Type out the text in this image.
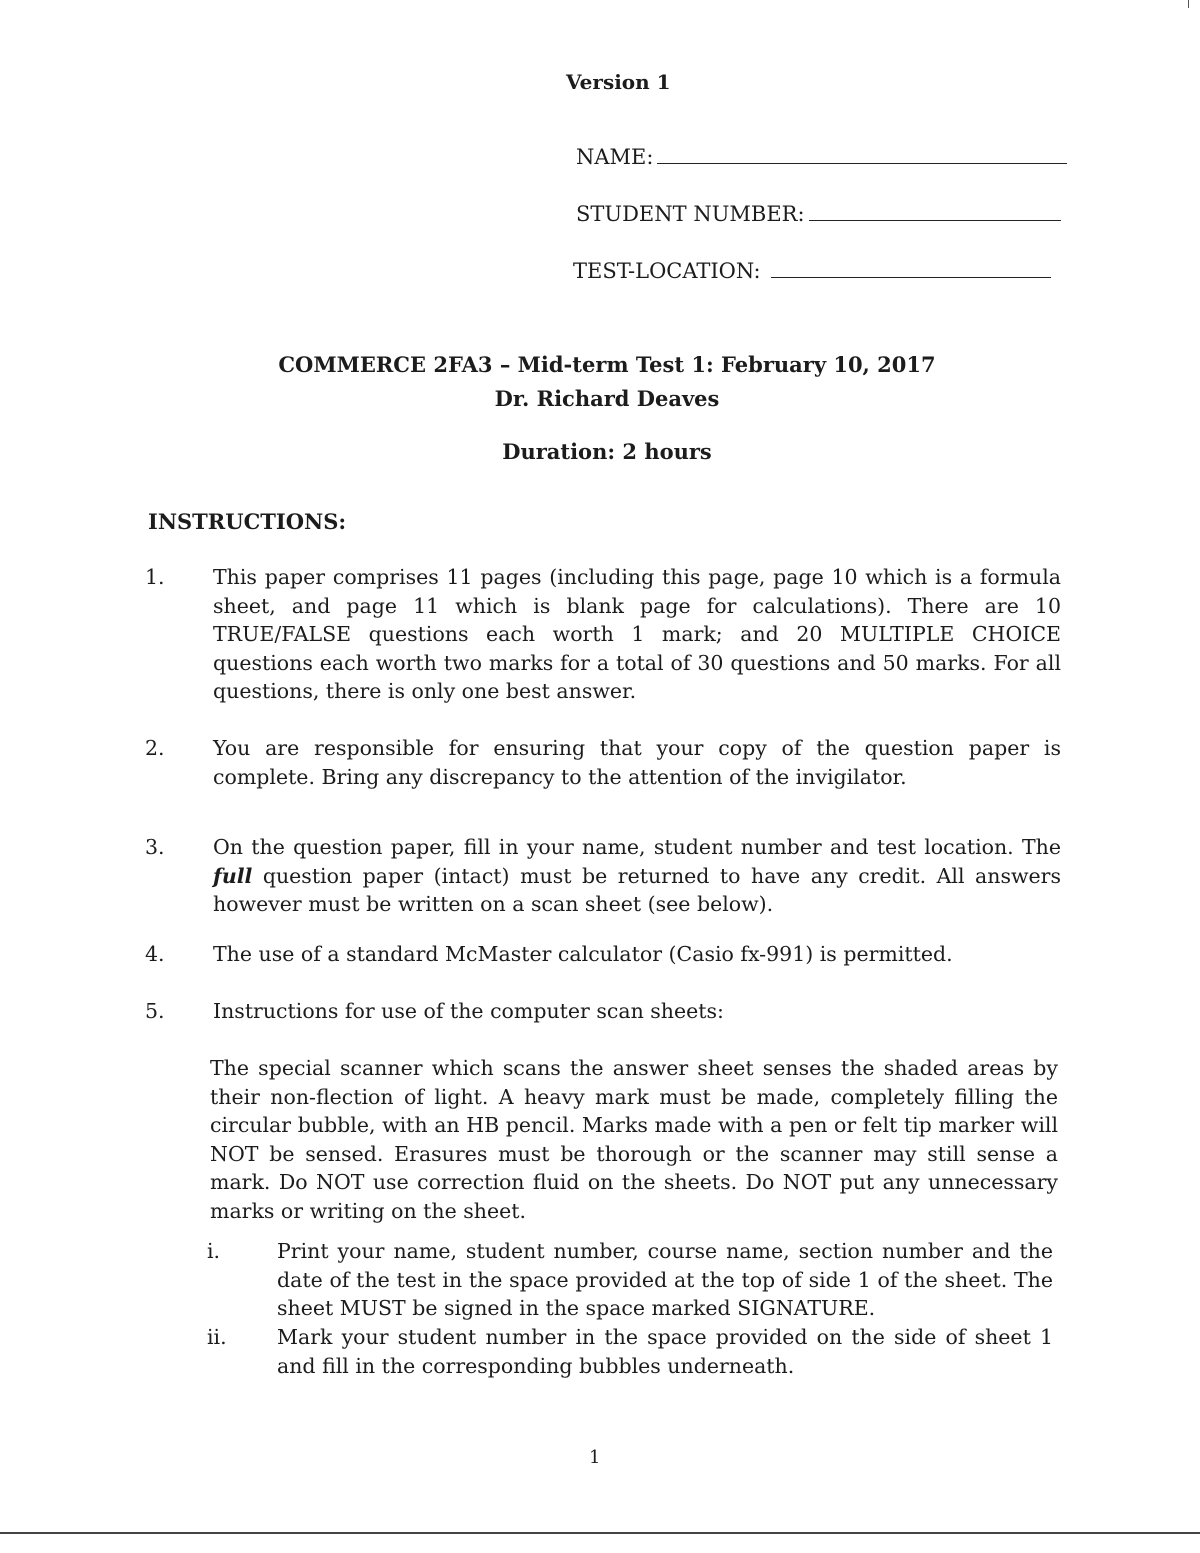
Version 1
NAME:
STUDENT NUMBER:
TEST-LOCATION:
COMMERCE 2FA3 – Mid-term Test 1: February 10, 2017
Dr. Richard Deaves
Duration: 2 hours
INSTRUCTIONS:
1. This paper comprises 11 pages (including this page, page 10 which is a formula sheet, and page 11 which is blank page for calculations). There are 10 TRUE/FALSE questions each worth 1 mark; and 20 MULTIPLE CHOICE questions each worth two marks for a total of 30 questions and 50 marks. For all questions, there is only one best answer.
2. You are responsible for ensuring that your copy of the question paper is complete. Bring any discrepancy to the attention of the invigilator.
3. On the question paper, fill in your name, student number and test location. The full question paper (intact) must be returned to have any credit. All answers however must be written on a scan sheet (see below).
4. The use of a standard McMaster calculator (Casio fx-991) is permitted.
5. Instructions for use of the computer scan sheets:
The special scanner which scans the answer sheet senses the shaded areas by their non-flection of light. A heavy mark must be made, completely filling the circular bubble, with an HB pencil. Marks made with a pen or felt tip marker will NOT be sensed. Erasures must be thorough or the scanner may still sense a mark. Do NOT use correction fluid on the sheets. Do NOT put any unnecessary marks or writing on the sheet.
i.	Print your name, student number, course name, section number and the date of the test in the space provided at the top of side 1 of the sheet. The sheet MUST be signed in the space marked SIGNATURE.
ii. Mark your student number in the space provided on the side of sheet 1 and fill in the corresponding bubbles underneath.
1
